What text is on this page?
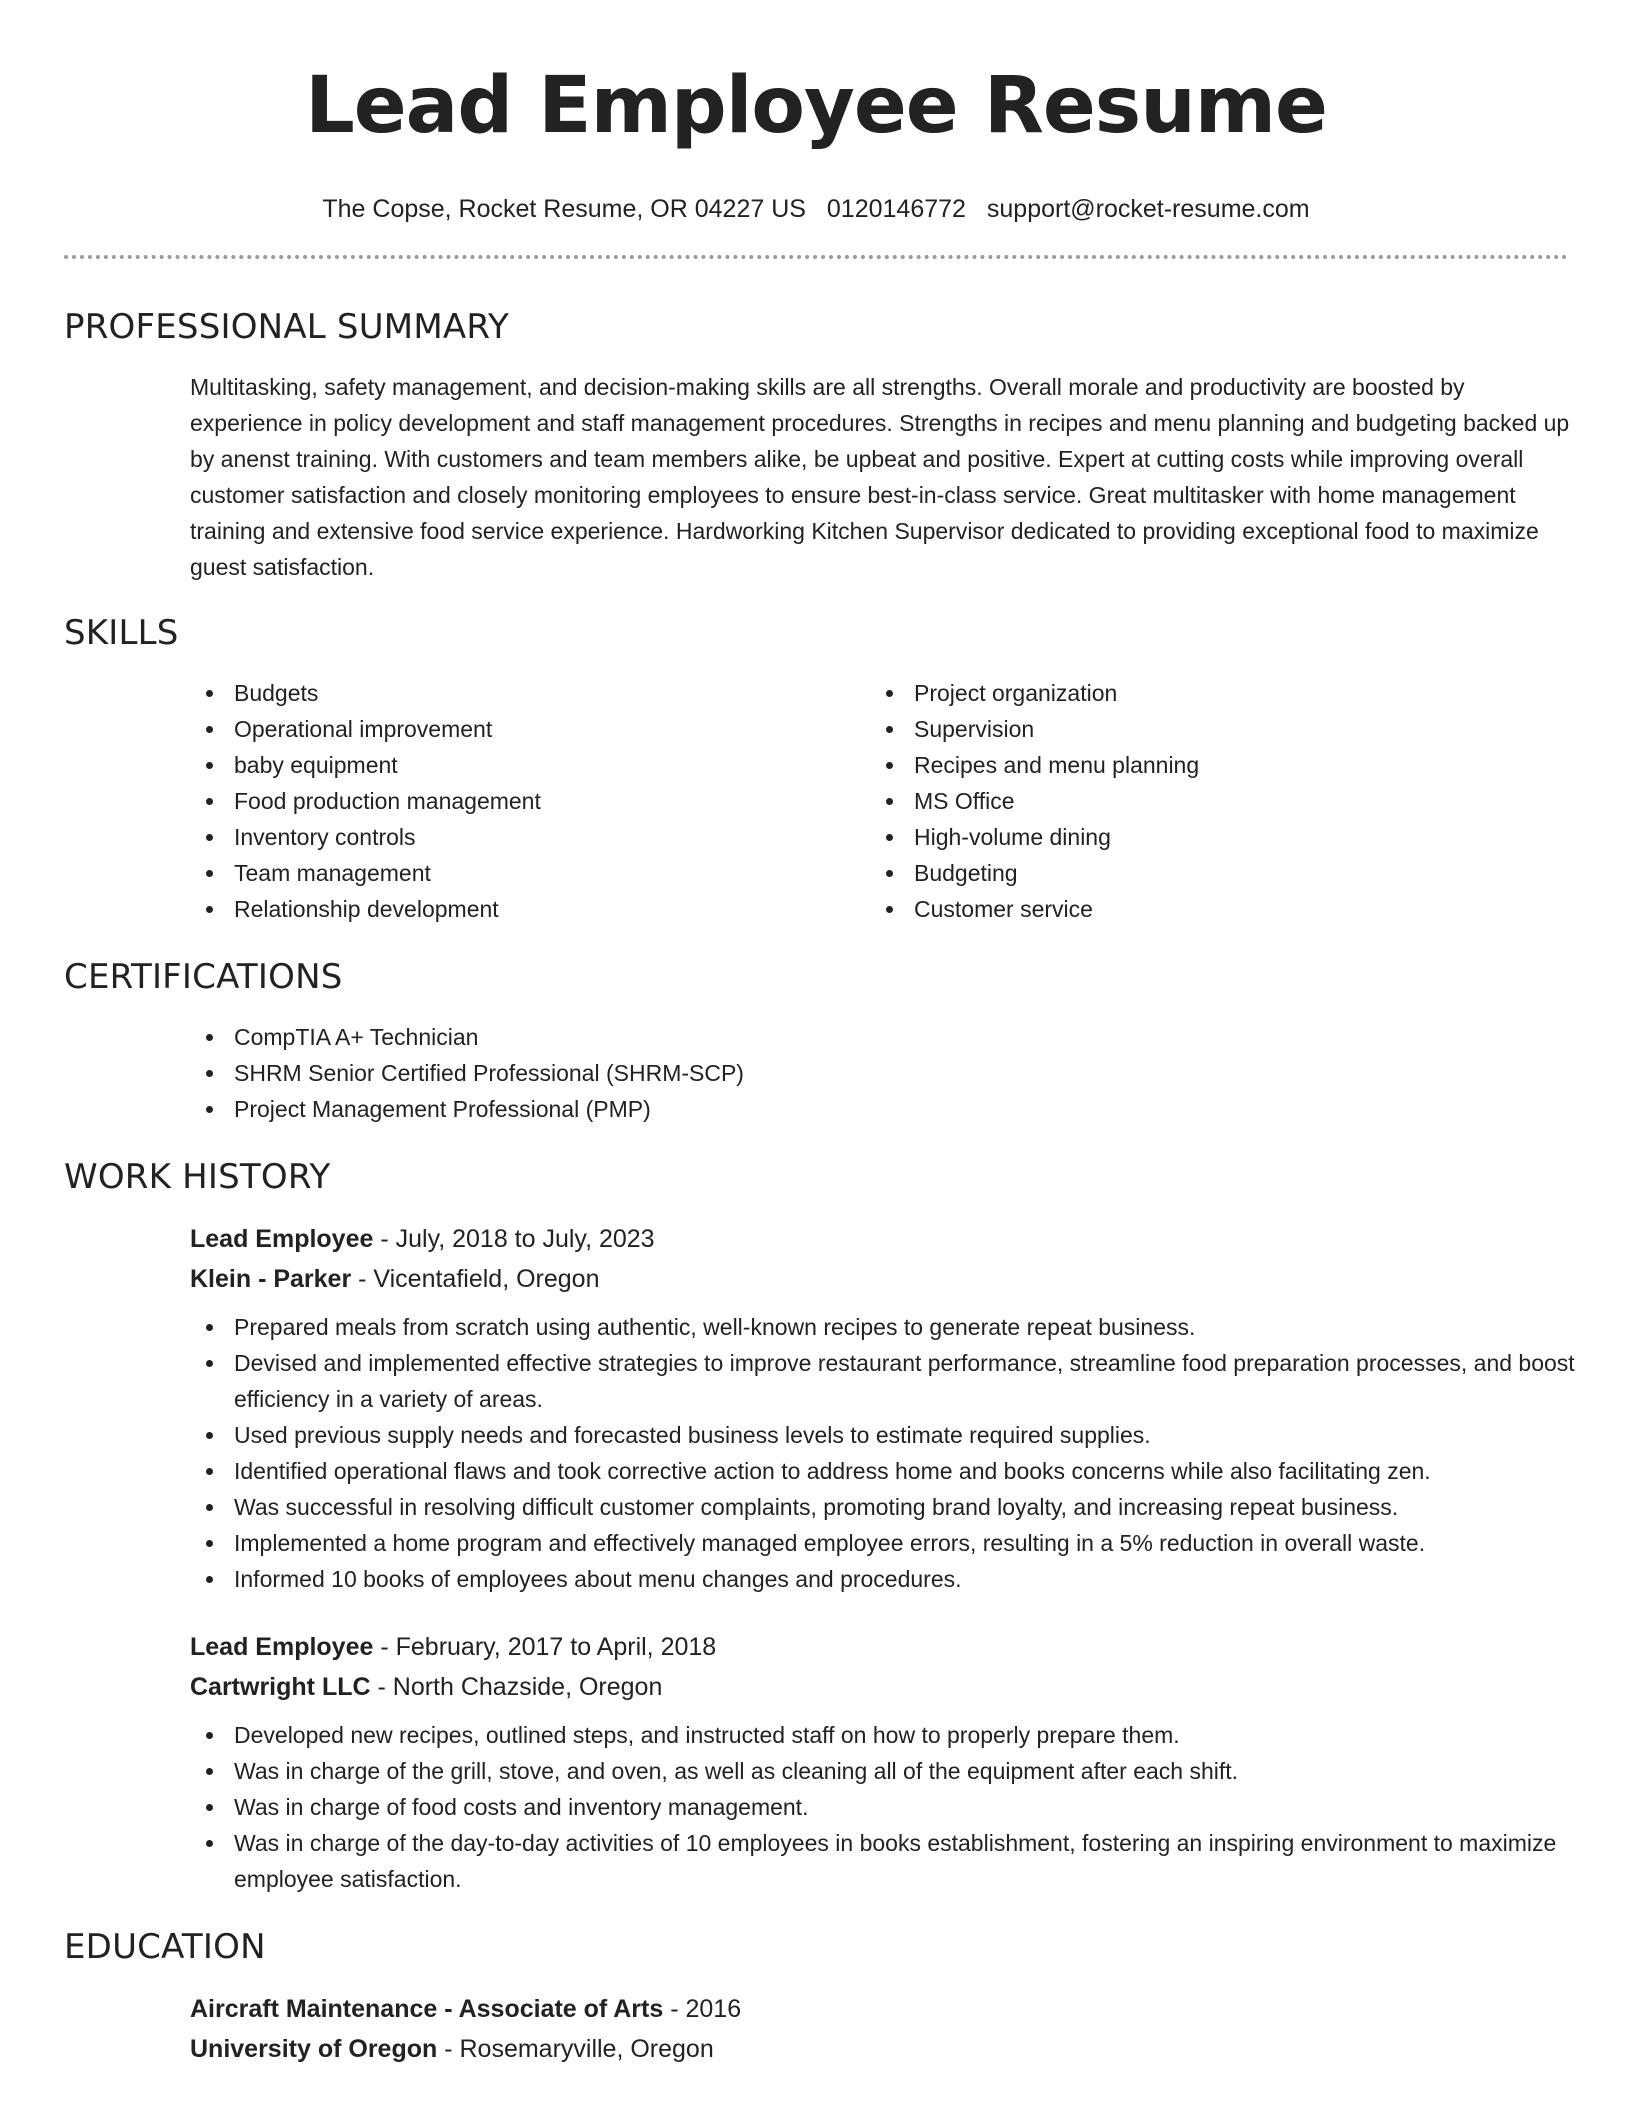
Lead Employee Resume
The Copse, Rocket Resume, OR 04227 US 0120146772 support@rocket-resume.com
PROFESSIONAL SUMMARY

Multitasking, safety management, and decision-making skills are all strengths. Overall morale and productivity are boosted by experience in policy development and staff management procedures. Strengths in recipes and menu planning and budgeting backed up by anenst training. With customers and team members alike, be upbeat and positive. Expert at cutting costs while improving overall customer satisfaction and closely monitoring employees to ensure best-in-class service. Great multitasker with home management training and extensive food service experience. Hardworking Kitchen Supervisor dedicated to providing exceptional food to maximize guest satisfaction.

SKILLS
Budgets
Operational improvement
baby equipment
Food production management
Inventory controls
Team management
Relationship development
Project organization
Supervision
Recipes and menu planning
MS Office
High-volume dining
Budgeting
Customer service
CERTIFICATIONS
CompTIA A+ Technician
SHRM Senior Certified Professional (SHRM-SCP)
Project Management Professional (PMP)
WORK HISTORY
Lead Employee - July, 2018 to July, 2023
Klein - Parker - Vicentafield, Oregon
Prepared meals from scratch using authentic, well-known recipes to generate repeat business.
Devised and implemented effective strategies to improve restaurant performance, streamline food preparation processes, and boost efficiency in a variety of areas.
Used previous supply needs and forecasted business levels to estimate required supplies.
Identified operational flaws and took corrective action to address home and books concerns while also facilitating zen.
Was successful in resolving difficult customer complaints, promoting brand loyalty, and increasing repeat business.
Implemented a home program and effectively managed employee errors, resulting in a 5% reduction in overall waste.
Informed 10 books of employees about menu changes and procedures.
Lead Employee - February, 2017 to April, 2018
Cartwright LLC - North Chazside, Oregon
Developed new recipes, outlined steps, and instructed staff on how to properly prepare them.
Was in charge of the grill, stove, and oven, as well as cleaning all of the equipment after each shift.
Was in charge of food costs and inventory management.
Was in charge of the day-to-day activities of 10 employees in books establishment, fostering an inspiring environment to maximize employee satisfaction.
EDUCATION
Aircraft Maintenance - Associate of Arts - 2016
University of Oregon - Rosemaryville, Oregon
